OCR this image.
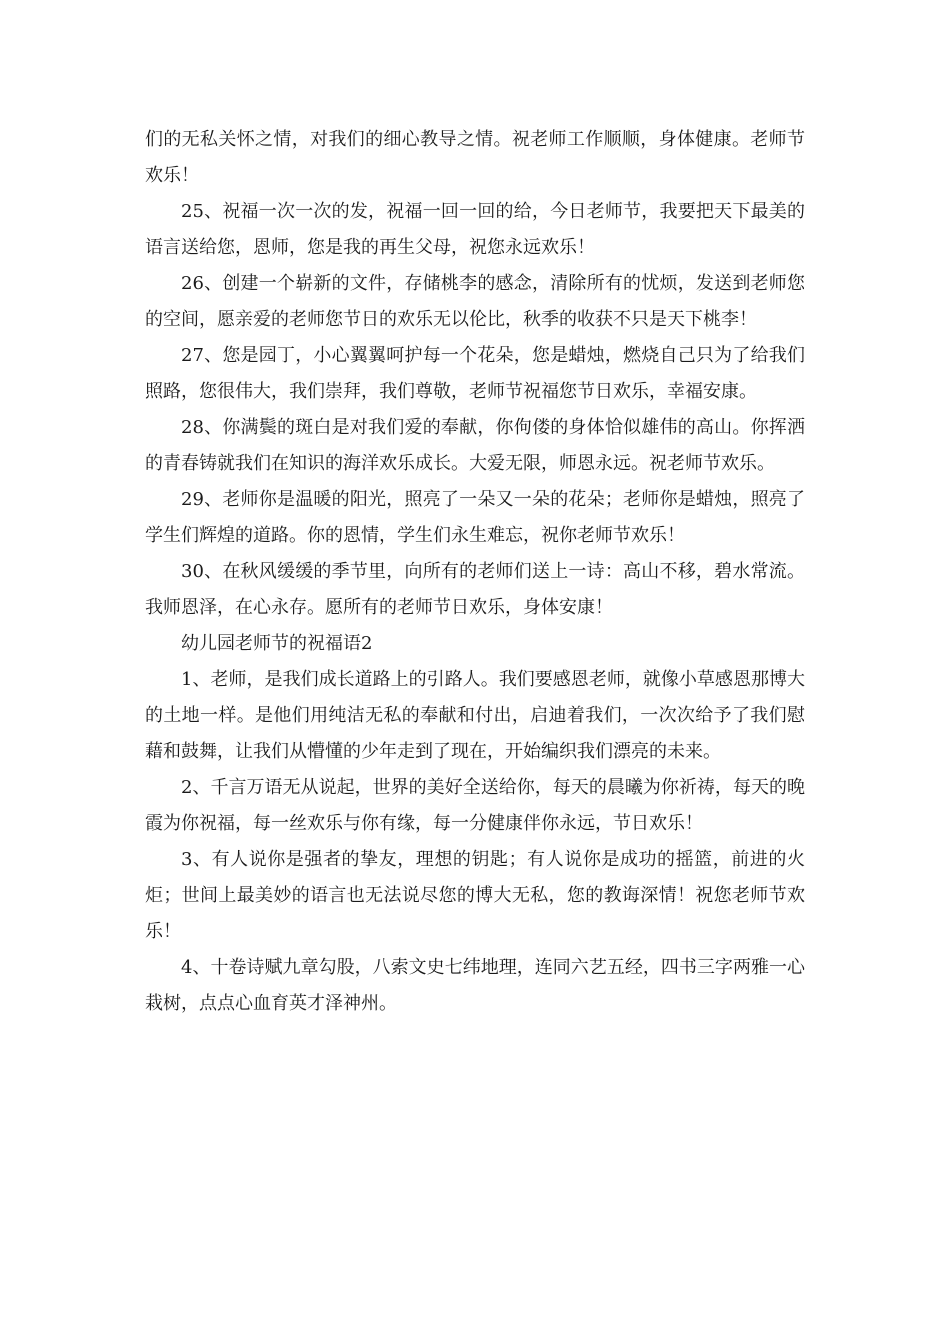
们的无私关怀之情，对我们的细心教导之情。祝老师工作顺顺，身体健康。老师节欢乐！

25、祝福一次一次的发，祝福一回一回的给，今日老师节，我要把天下最美的语言送给您，恩师，您是我的再生父母，祝您永远欢乐！

26、创建一个崭新的文件，存储桃李的感念，清除所有的忧烦，发送到老师您的空间，愿亲爱的老师您节日的欢乐无以伦比，秋季的收获不只是天下桃李！

27、您是园丁，小心翼翼呵护每一个花朵，您是蜡烛，燃烧自己只为了给我们照路，您很伟大，我们崇拜，我们尊敬，老师节祝福您节日欢乐，幸福安康。

28、你满鬓的斑白是对我们爱的奉献，你佝偻的身体恰似雄伟的高山。你挥洒的青春铸就我们在知识的海洋欢乐成长。大爱无限，师恩永远。祝老师节欢乐。

29、老师你是温暖的阳光，照亮了一朵又一朵的花朵；老师你是蜡烛，照亮了学生们辉煌的道路。你的恩情，学生们永生难忘，祝你老师节欢乐！

30、在秋风缓缓的季节里，向所有的老师们送上一诗：高山不移，碧水常流。我师恩泽，在心永存。愿所有的老师节日欢乐，身体安康！

幼儿园老师节的祝福语2

1、老师，是我们成长道路上的引路人。我们要感恩老师，就像小草感恩那博大的土地一样。是他们用纯洁无私的奉献和付出，启迪着我们，一次次给予了我们慰藉和鼓舞，让我们从懵懂的少年走到了现在，开始编织我们漂亮的未来。

2、千言万语无从说起，世界的美好全送给你，每天的晨曦为你祈祷，每天的晚霞为你祝福，每一丝欢乐与你有缘，每一分健康伴你永远，节日欢乐！

3、有人说你是强者的挚友，理想的钥匙；有人说你是成功的摇篮，前进的火炬；世间上最美妙的语言也无法说尽您的博大无私，您的教诲深情！祝您老师节欢乐！

4、十卷诗赋九章勾股，八索文史七纬地理，连同六艺五经，四书三字两雅一心栽树，点点心血育英才泽神州。
